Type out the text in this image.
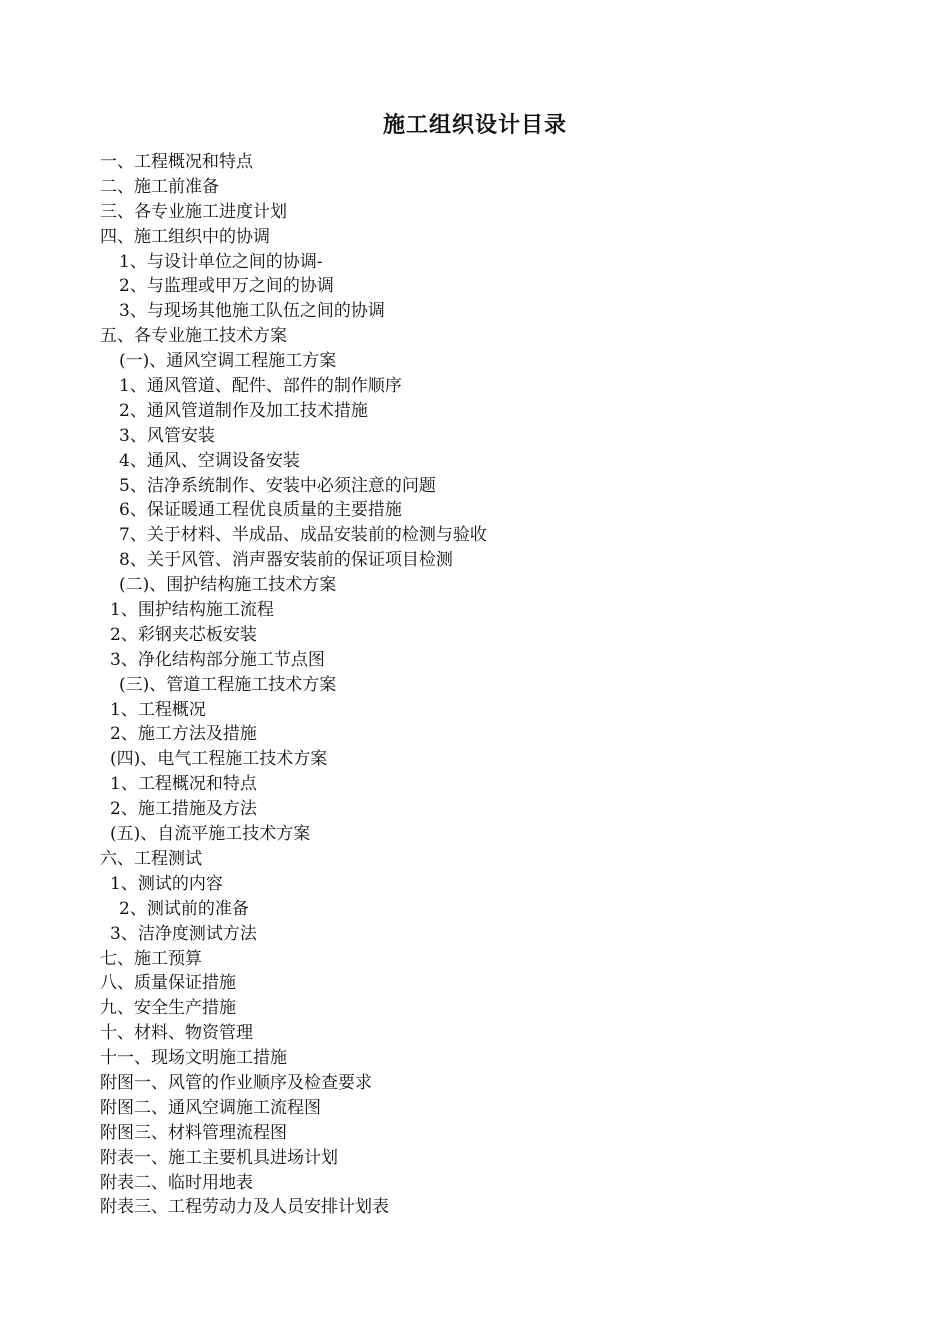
施工组织设计目录
一、工程概况和特点
二、施工前准备
三、各专业施工进度计划
四、施工组织中的协调
1、与设计单位之间的协调-
2、与监理或甲万之间的协调
3、与现场其他施工队伍之间的协调
五、各专业施工技术方案
(一)、通风空调工程施工方案
1、通风管道、配件、部件的制作顺序
2、通风管道制作及加工技术措施
3、风管安装
4、通风、空调设备安装
5、洁净系统制作、安装中必须注意的问题
6、保证暖通工程优良质量的主要措施
7、关于材料、半成品、成品安装前的检测与验收
8、关于风管、消声器安装前的保证项目检测
(二)、围护结构施工技术方案
1、围护结构施工流程
2、彩钢夹芯板安装
3、净化结构部分施工节点图
(三)、管道工程施工技术方案
1、工程概况
2、施工方法及措施
(四)、电气工程施工技术方案
1、工程概况和特点
2、施工措施及方法
(五)、自流平施工技术方案
六、工程测试
1、测试的内容
2、测试前的准备
3、洁净度测试方法
七、施工预算
八、质量保证措施
九、安全生产措施
十、材料、物资管理
十一、现场文明施工措施
附图一、风管的作业顺序及检查要求
附图二、通风空调施工流程图
附图三、材料管理流程图
附表一、施工主要机具进场计划
附表二、临时用地表
附表三、工程劳动力及人员安排计划表
